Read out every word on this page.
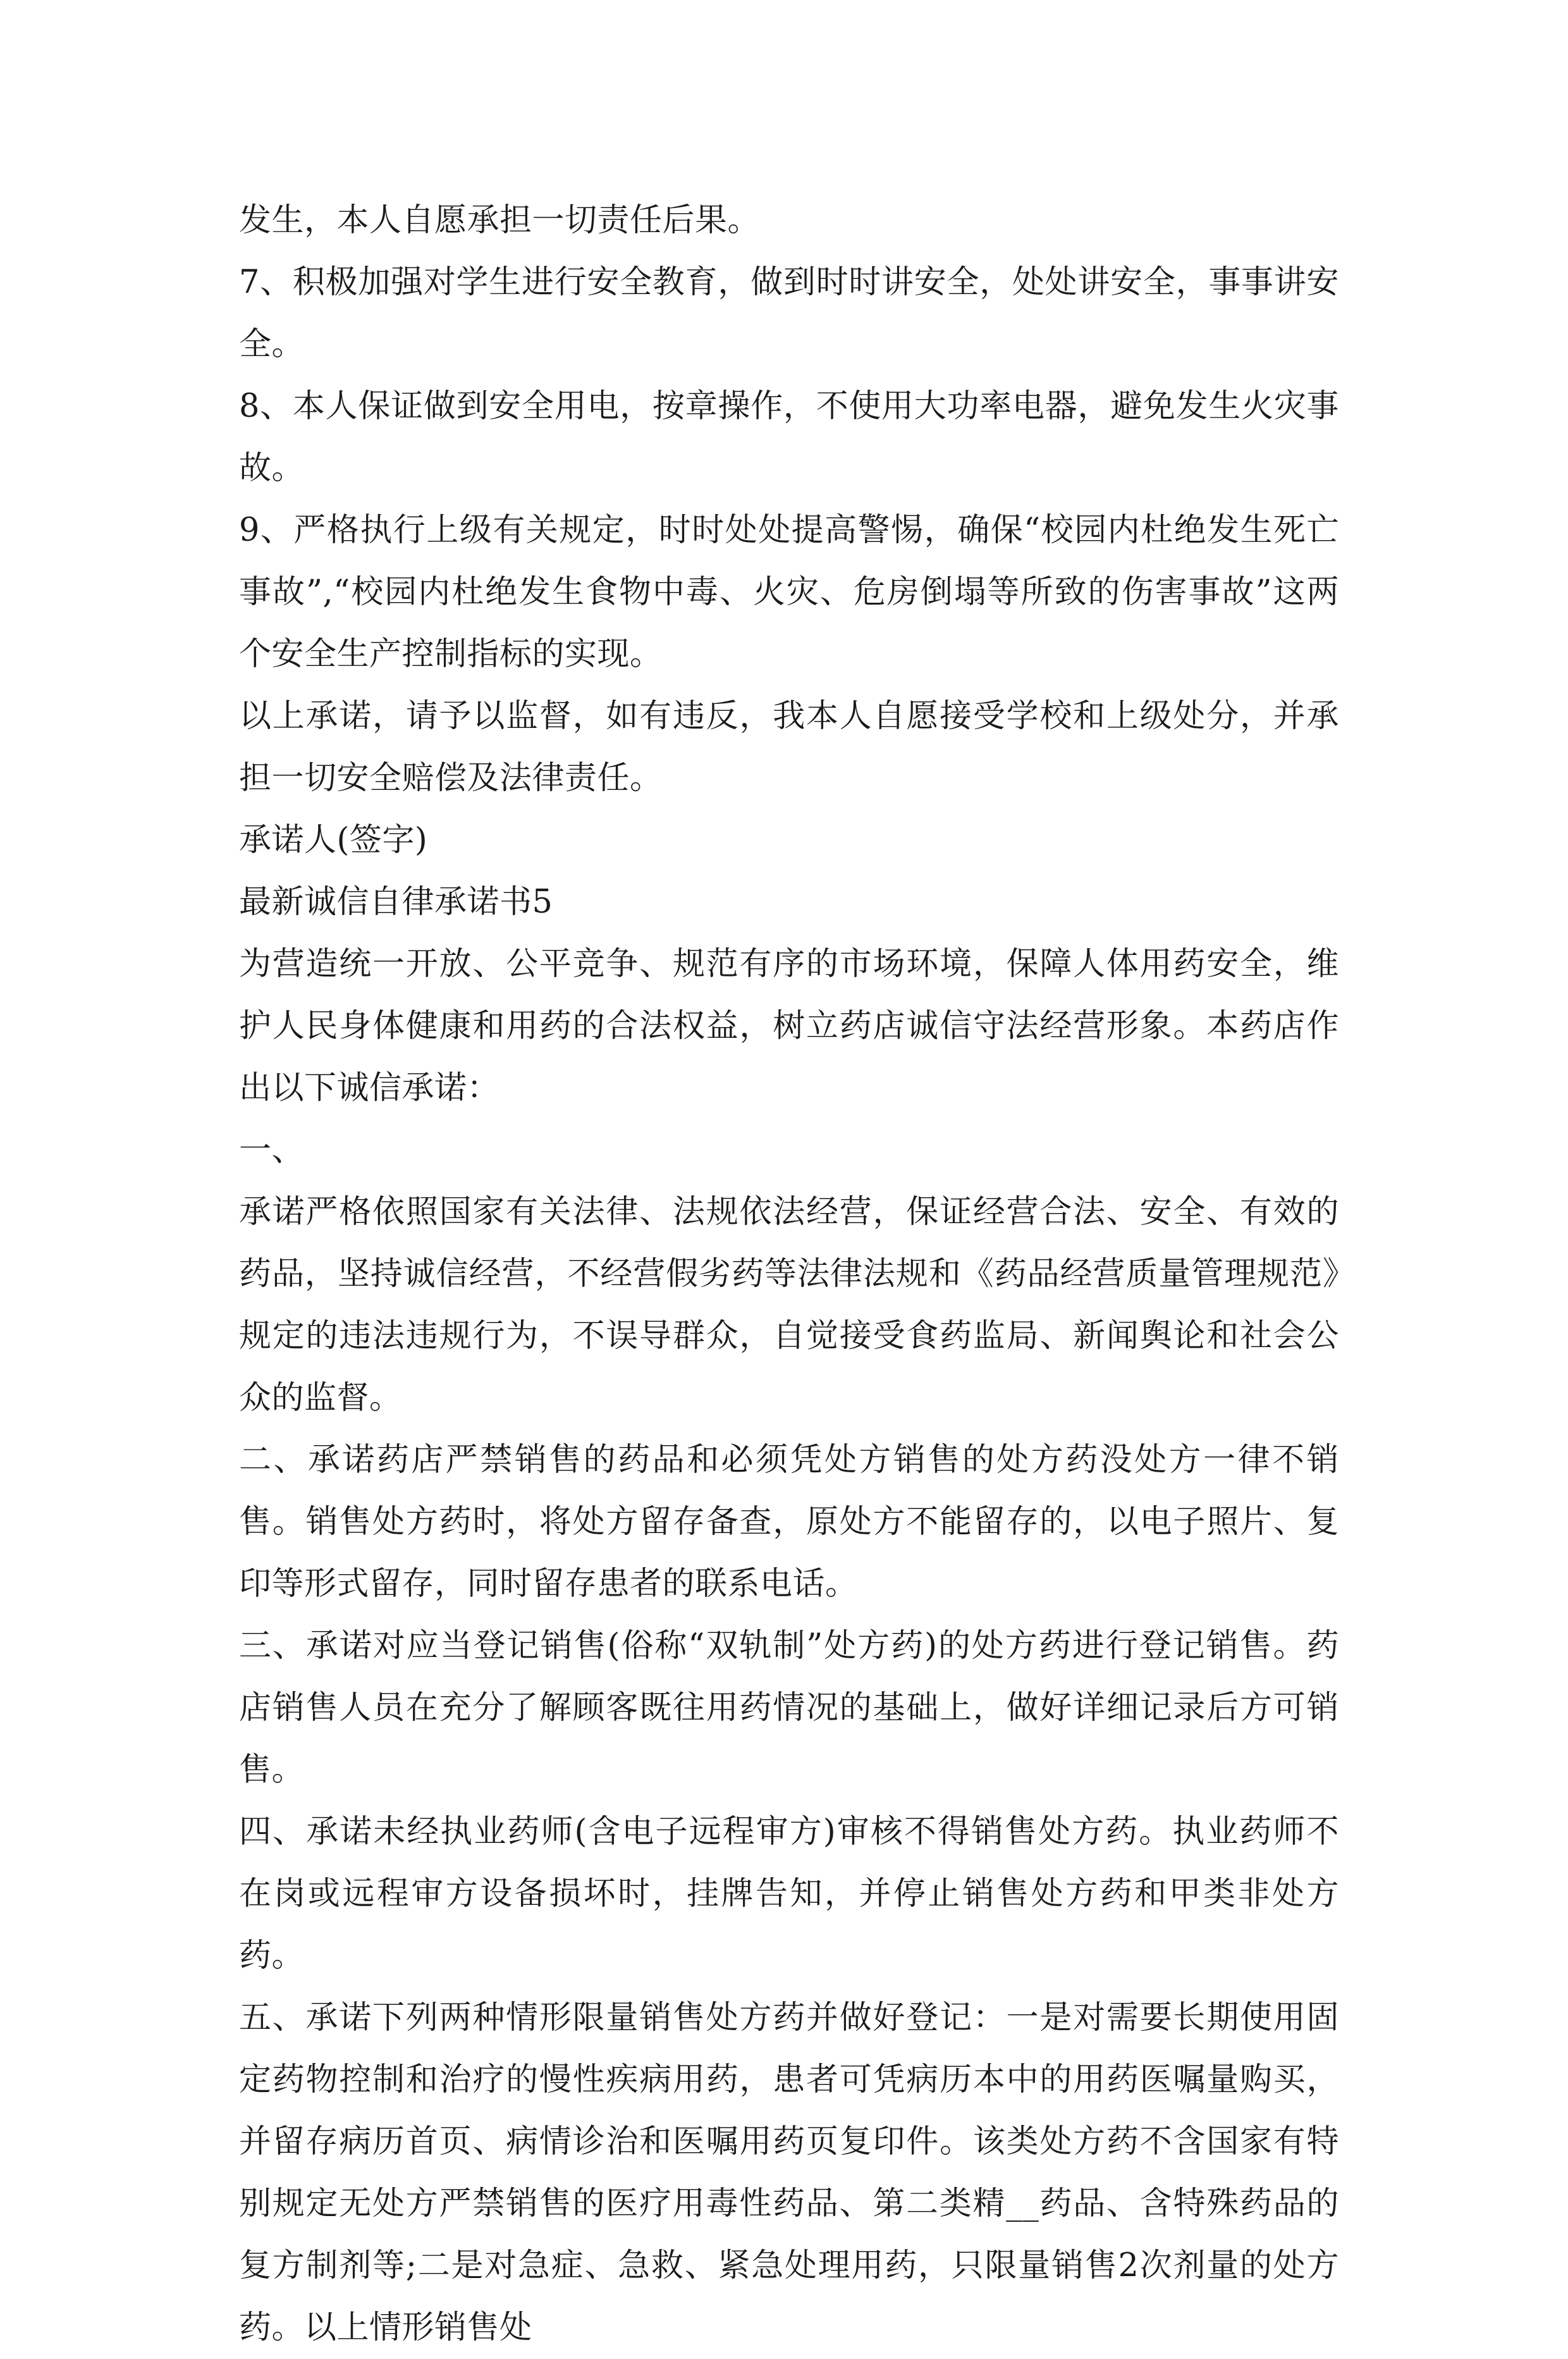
发生，本人自愿承担一切责任后果。

7、积极加强对学生进行安全教育，做到时时讲安全，处处讲安全，事事讲安全。

8、本人保证做到安全用电，按章操作，不使用大功率电器，避免发生火灾事故。

9、严格执行上级有关规定，时时处处提高警惕，确保“校园内杜绝发生死亡事故”,“校园内杜绝发生食物中毒、火灾、危房倒塌等所致的伤害事故”这两个安全生产控制指标的实现。

以上承诺，请予以监督，如有违反，我本人自愿接受学校和上级处分，并承担一切安全赔偿及法律责任。

承诺人(签字)

最新诚信自律承诺书5

为营造统一开放、公平竞争、规范有序的市场环境，保障人体用药安全，维护人民身体健康和用药的合法权益，树立药店诚信守法经营形象。本药店作出以下诚信承诺：

一、

承诺严格依照国家有关法律、法规依法经营，保证经营合法、安全、有效的药品，坚持诚信经营，不经营假劣药等法律法规和《药品经营质量管理规范》规定的违法违规行为，不误导群众，自觉接受食药监局、新闻舆论和社会公众的监督。

二、承诺药店严禁销售的药品和必须凭处方销售的处方药没处方一律不销售。销售处方药时，将处方留存备查，原处方不能留存的，以电子照片、复印等形式留存，同时留存患者的联系电话。

三、承诺对应当登记销售(俗称“双轨制”处方药)的处方药进行登记销售。药店销售人员在充分了解顾客既往用药情况的基础上，做好详细记录后方可销售。

四、承诺未经执业药师(含电子远程审方)审核不得销售处方药。执业药师不在岗或远程审方设备损坏时，挂牌告知，并停止销售处方药和甲类非处方药。

五、承诺下列两种情形限量销售处方药并做好登记：一是对需要长期使用固定药物控制和治疗的慢性疾病用药，患者可凭病历本中的用药医嘱量购买，并留存病历首页、病情诊治和医嘱用药页复印件。该类处方药不含国家有特别规定无处方严禁销售的医疗用毒性药品、第二类精__药品、含特殊药品的复方制剂等;二是对急症、急救、紧急处理用药，只限量销售2次剂量的处方药。以上情形销售处
